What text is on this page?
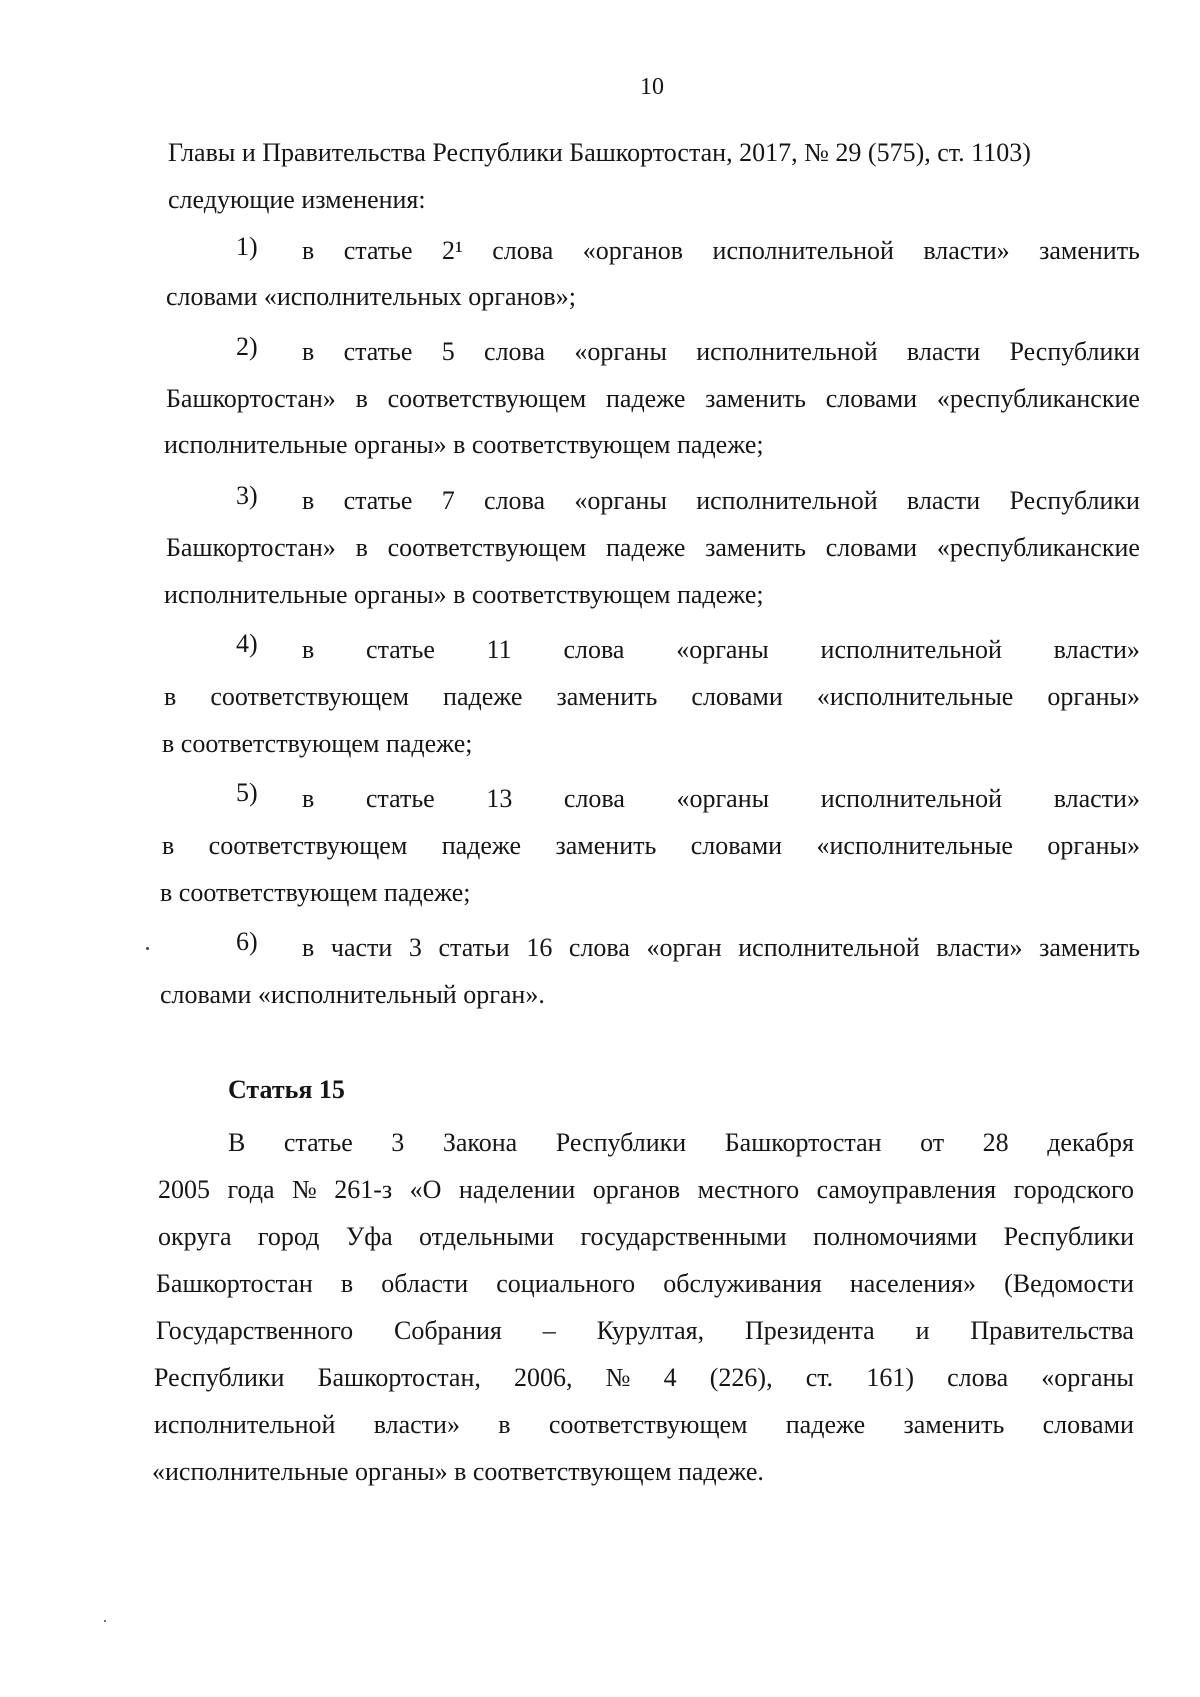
10
Главы и Правительства Республики Башкортостан, 2017, № 29 (575), ст. 1103)
следующие изменения:
1) в статье 2¹ слова «органов исполнительной власти» заменить
словами «исполнительных органов»;
2) в статье 5 слова «органы исполнительной власти Республики
Башкортостан» в соответствующем падеже заменить словами «республиканские
исполнительные органы» в соответствующем падеже;
3) в статье 7 слова «органы исполнительной власти Республики
Башкортостан» в соответствующем падеже заменить словами «республиканские
исполнительные органы» в соответствующем падеже;
4) в статье 11 слова «органы исполнительной власти»
в соответствующем падеже заменить словами «исполнительные органы»
в соответствующем падеже;
5) в статье 13 слова «органы исполнительной власти»
в соответствующем падеже заменить словами «исполнительные органы»
в соответствующем падеже;
6) в части 3 статьи 16 слова «орган исполнительной власти» заменить
словами «исполнительный орган».
Статья 15
В статье 3 Закона Республики Башкортостан от 28 декабря
2005 года № 261-з «О наделении органов местного самоуправления городского
округа город Уфа отдельными государственными полномочиями Республики
Башкортостан в области социального обслуживания населения» (Ведомости
Государственного Собрания – Курултая, Президента и Правительства
Республики Башкортостан, 2006, № 4 (226), ст. 161) слова «органы
исполнительной власти» в соответствующем падеже заменить словами
«исполнительные органы» в соответствующем падеже.
